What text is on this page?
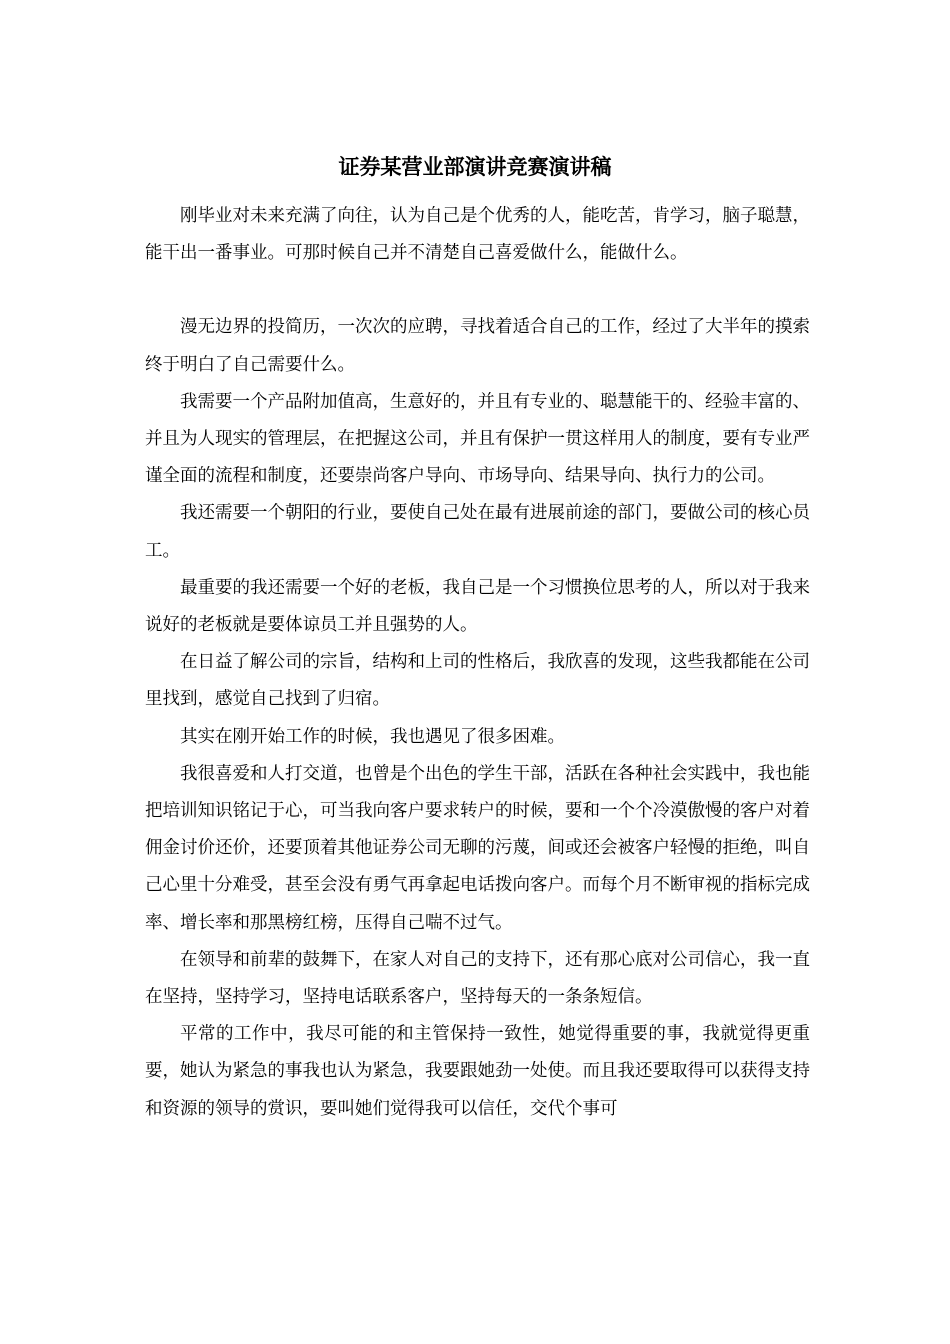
证券某营业部演讲竞赛演讲稿

刚毕业对未来充满了向往，认为自己是个优秀的人，能吃苦，肯学习，脑子聪慧，能干出一番事业。可那时候自己并不清楚自己喜爱做什么，能做什么。

漫无边界的投简历，一次次的应聘，寻找着适合自己的工作，经过了大半年的摸索终于明白了自己需要什么。

我需要一个产品附加值高，生意好的，并且有专业的、聪慧能干的、经验丰富的、并且为人现实的管理层，在把握这公司，并且有保护一贯这样用人的制度，要有专业严谨全面的流程和制度，还要崇尚客户导向、市场导向、结果导向、执行力的公司。

我还需要一个朝阳的行业，要使自己处在最有进展前途的部门，要做公司的核心员工。

最重要的我还需要一个好的老板，我自己是一个习惯换位思考的人，所以对于我来说好的老板就是要体谅员工并且强势的人。

在日益了解公司的宗旨，结构和上司的性格后，我欣喜的发现，这些我都能在公司里找到，感觉自己找到了归宿。

其实在刚开始工作的时候，我也遇见了很多困难。

我很喜爱和人打交道，也曾是个出色的学生干部，活跃在各种社会实践中，我也能把培训知识铭记于心，可当我向客户要求转户的时候，要和一个个冷漠傲慢的客户对着佣金讨价还价，还要顶着其他证券公司无聊的污蔑，间或还会被客户轻慢的拒绝，叫自己心里十分难受，甚至会没有勇气再拿起电话拨向客户。而每个月不断审视的指标完成率、增长率和那黑榜红榜，压得自己喘不过气。

在领导和前辈的鼓舞下，在家人对自己的支持下，还有那心底对公司信心，我一直在坚持，坚持学习，坚持电话联系客户，坚持每天的一条条短信。

平常的工作中，我尽可能的和主管保持一致性，她觉得重要的事，我就觉得更重要，她认为紧急的事我也认为紧急，我要跟她劲一处使。而且我还要取得可以获得支持和资源的领导的赏识，要叫她们觉得我可以信任，交代个事可
